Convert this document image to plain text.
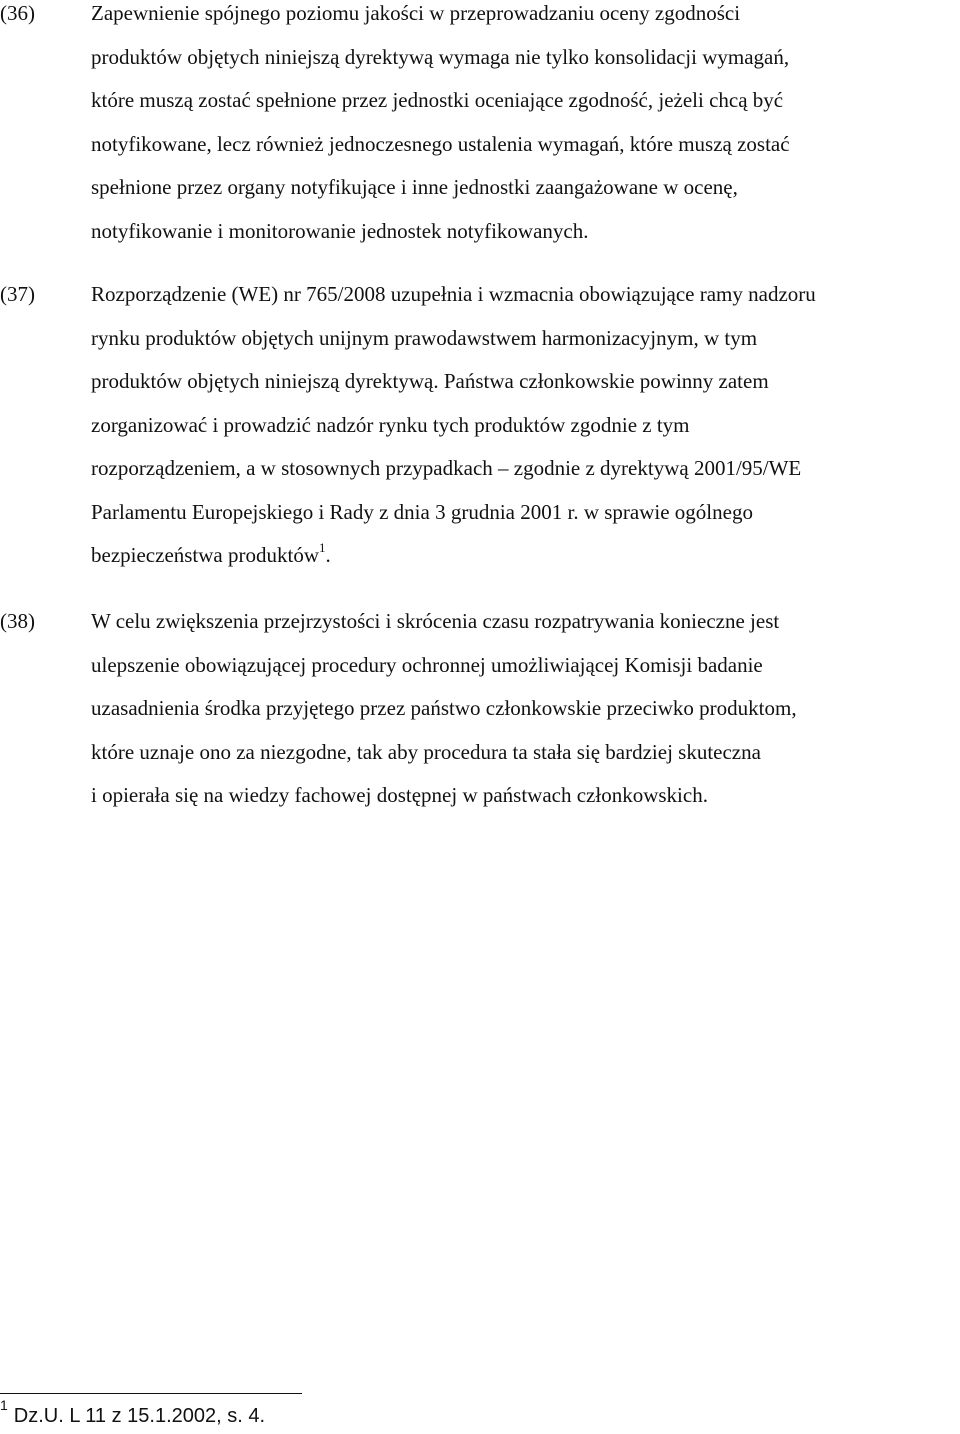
(36)	Zapewnienie spójnego poziomu jakości w przeprowadzaniu oceny zgodności
produktów objętych niniejszą dyrektywą wymaga nie tylko konsolidacji wymagań,
które muszą zostać spełnione przez jednostki oceniające zgodność, jeżeli chcą być
notyfikowane, lecz również jednoczesnego ustalenia wymagań, które muszą zostać
spełnione przez organy notyfikujące i inne jednostki zaangażowane w ocenę,
notyfikowanie i monitorowanie jednostek notyfikowanych.
(37)	Rozporządzenie (WE) nr 765/2008 uzupełnia i wzmacnia obowiązujące ramy nadzoru
rynku produktów objętych unijnym prawodawstwem harmonizacyjnym, w tym
produktów objętych niniejszą dyrektywą. Państwa członkowskie powinny zatem
zorganizować i prowadzić nadzór rynku tych produktów zgodnie z tym
rozporządzeniem, a w stosownych przypadkach – zgodnie z dyrektywą 2001/95/WE
Parlamentu Europejskiego i Rady z dnia 3 grudnia 2001 r. w sprawie ogólnego
bezpieczeństwa produktów$^1$.
(38)	W celu zwiększenia przejrzystości i skrócenia czasu rozpatrywania konieczne jest
ulepszenie obowiązującej procedury ochronnej umożliwiającej Komisji badanie
uzasadnienia środka przyjętego przez państwo członkowskie przeciwko produktom,
które uznaje ono za niezgodne, tak aby procedura ta stała się bardziej skuteczna
i opierała się na wiedzy fachowej dostępnej w państwach członkowskich.
$^1$ Dz.U. L 11 z 15.1.2002, s. 4.
